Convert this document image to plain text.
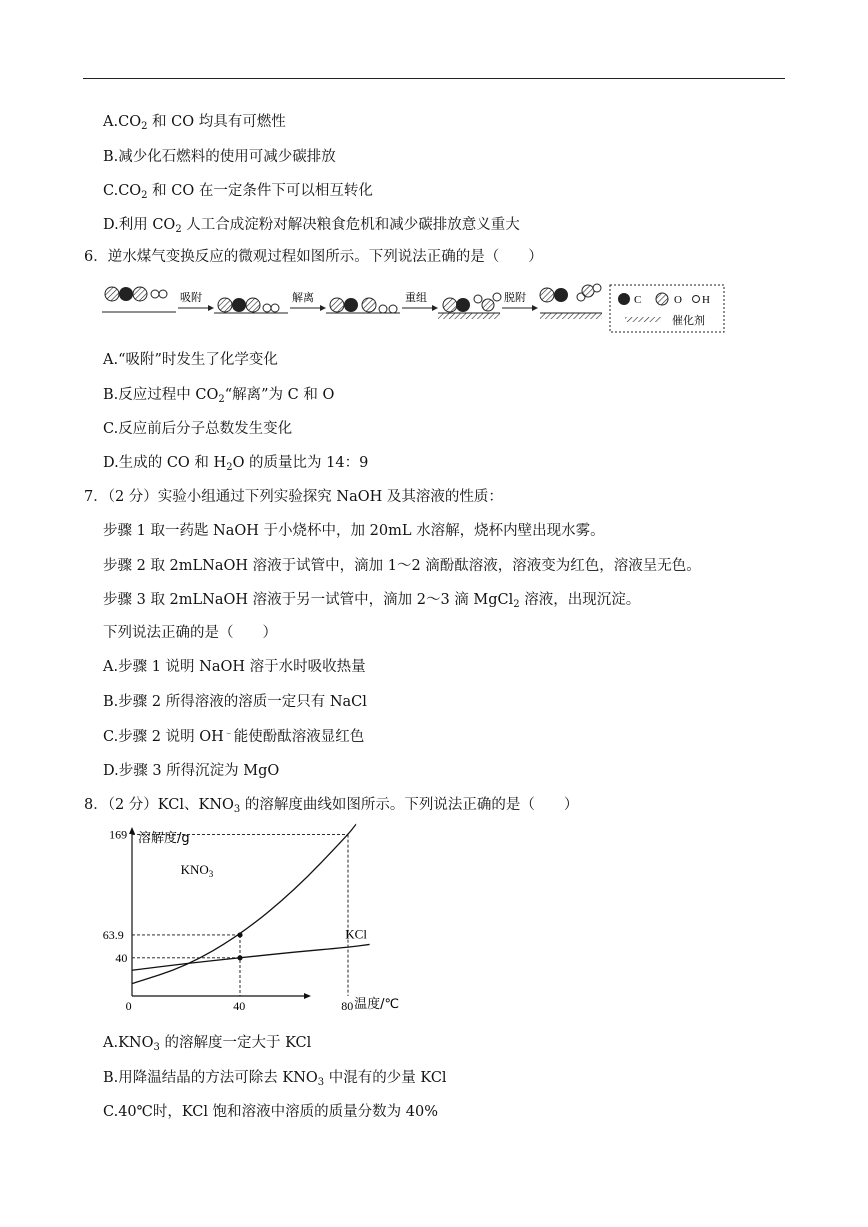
$A.CO_2$ 和 CO 均具有可燃性
B.减少化石燃料的使用可减少碳排放
$C.CO_2$ 和 CO 在一定条件下可以相互转化
D.利用 $CO_2$ 人工合成淀粉对解决粮食危机和减少碳排放意义重大
6．逆水煤气变换反应的微观过程如图所示。下列说法正确的是（　　）
吸附	解离	重组	脱附	C	O H
催化剂
A.“吸附”时发生了化学变化
B.反应过程中 $CO_2“$解离”为 C 和 O
C.反应前后分子总数发生变化
D.生成的 CO 和 $H_2O$ 的质量比为 14：9
7．（2 分）实验小组通过下列实验探究 NaOH 及其溶液的性质：
步骤 1 取一药匙 NaOH 于小烧杯中，加 20mL 水溶解，烧杯内壁出现水雾。
步骤 2 取 2mLNaOH 溶液于试管中，滴加 1～2 滴酚酞溶液，溶液变为红色，溶液呈无色。
步骤 3 取 2mLNaOH 溶液于另一试管中，滴加 2～3 滴 MgCl$_2$ 溶液，出现沉淀。
下列说法正确的是（　　）
A.步骤 1 说明 NaOH 溶于水时吸收热量
B.步骤 2 所得溶液的溶质一定只有 NaCl
C.步骤 2 说明 OH﹣能使酚酞溶液显红色
D.步骤 3 所得沉淀为 MgO
8．（2 分）KCl、$KNO_3$ 的溶解度曲线如图所示。下列说法正确的是（　　）
溶解度/g
温度/℃
0	40	80
40
63.9
169
$KNO_3$
KCl
$A.KNO_3$ 的溶解度一定大于 KCl
B.用降温结晶的方法可除去 $KNO_3$ 中混有的少量 KCl
C.40℃时，KCl 饱和溶液中溶质的质量分数为 40%
